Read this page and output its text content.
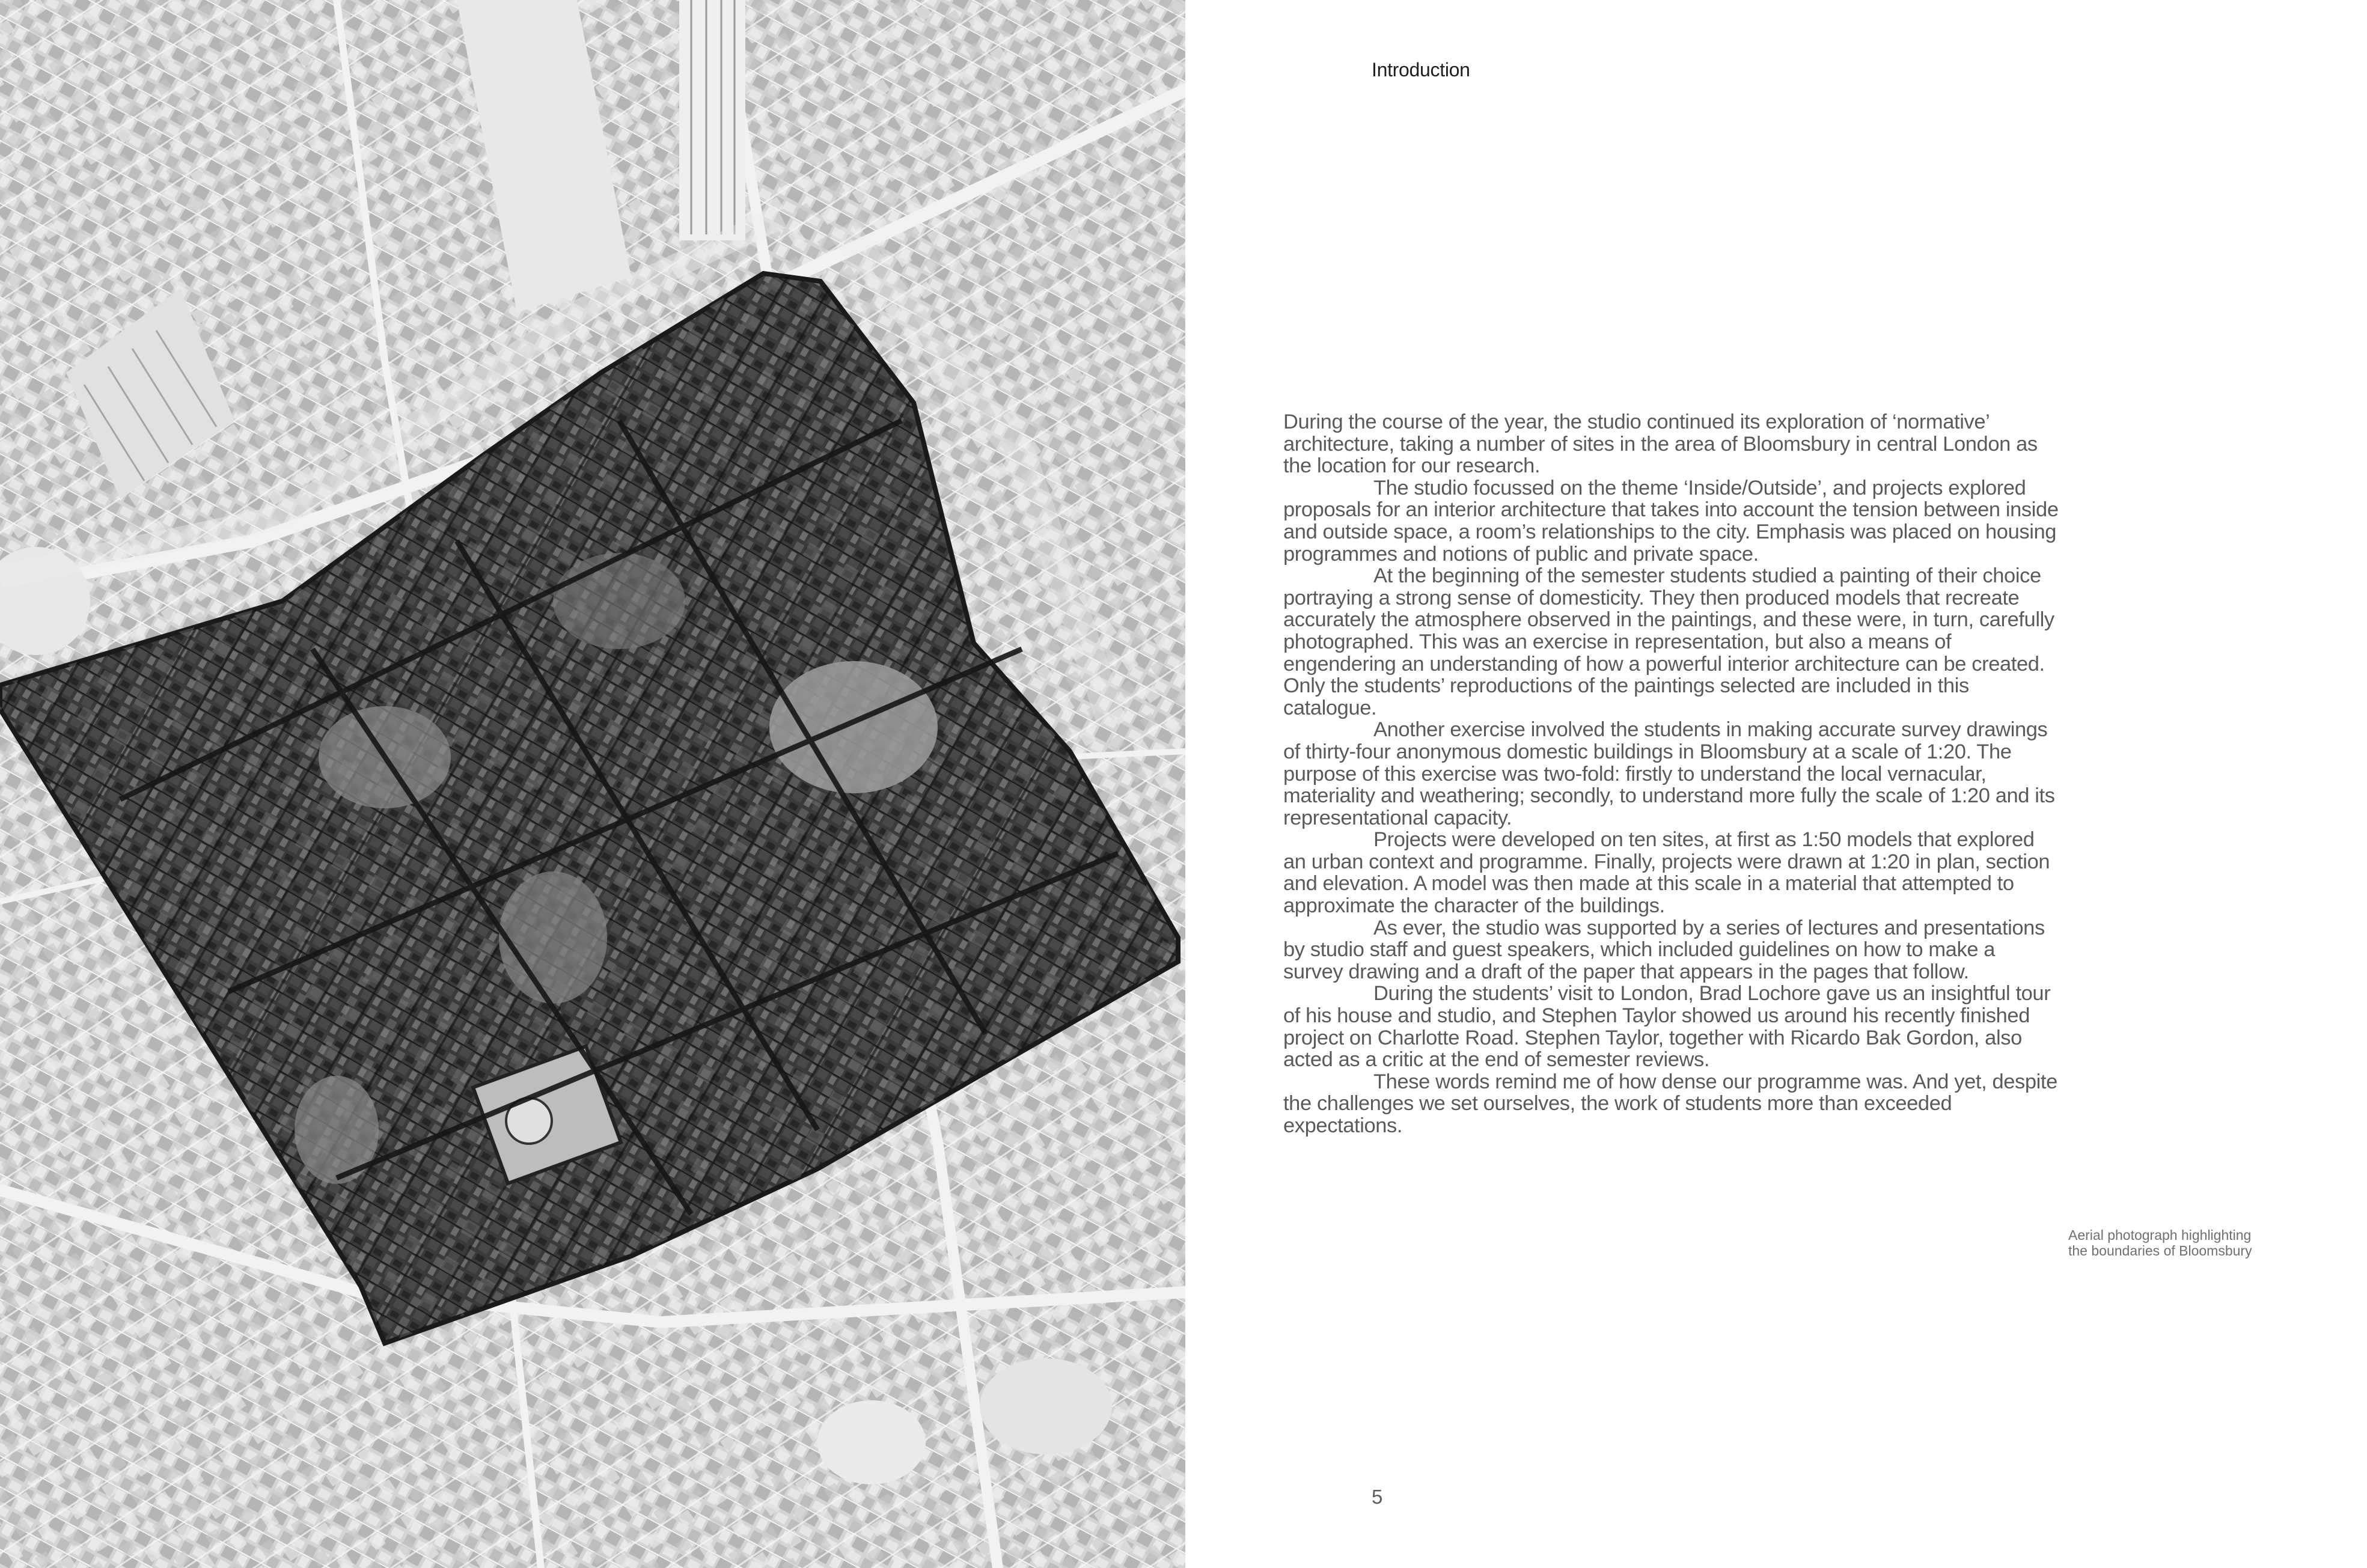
Introduction

During the course of the year, the studio continued its exploration of ‘normative’ architecture, taking a number of sites in the area of Bloomsbury in central London as the location for our research.

The studio focussed on the theme ‘Inside/Outside’, and projects explored proposals for an interior architecture that takes into account the tension between inside and outside space, a room’s relationships to the city. Emphasis was placed on housing programmes and notions of public and private space.

At the beginning of the semester students studied a painting of their choice portraying a strong sense of domesticity. They then produced models that recreate accurately the atmosphere observed in the paintings, and these were, in turn, carefully photographed. This was an exercise in representation, but also a means of engendering an understanding of how a powerful interior architecture can be created. Only the students’ reproductions of the paintings selected are included in this catalogue.

Another exercise involved the students in making accurate survey drawings of thirty-four anonymous domestic buildings in Bloomsbury at a scale of 1:20. The purpose of this exercise was two-fold: firstly to understand the local vernacular, materiality and weathering; secondly, to understand more fully the scale of 1:20 and its representational capacity.

Projects were developed on ten sites, at first as 1:50 models that explored an urban context and programme. Finally, projects were drawn at 1:20 in plan, section and elevation. A model was then made at this scale in a material that attempted to approximate the character of the buildings.

As ever, the studio was supported by a series of lectures and presentations by studio staff and guest speakers, which included guidelines on how to make a survey drawing and a draft of the paper that appears in the pages that follow.

During the students’ visit to London, Brad Lochore gave us an insightful tour of his house and studio, and Stephen Taylor showed us around his recently finished project on Charlotte Road. Stephen Taylor, together with Ricardo Bak Gordon, also acted as a critic at the end of semester reviews.

These words remind me of how dense our programme was. And yet, despite the challenges we set ourselves, the work of students more than exceeded expectations.

Aerial photograph highlighting
the boundaries of Bloomsbury
5
